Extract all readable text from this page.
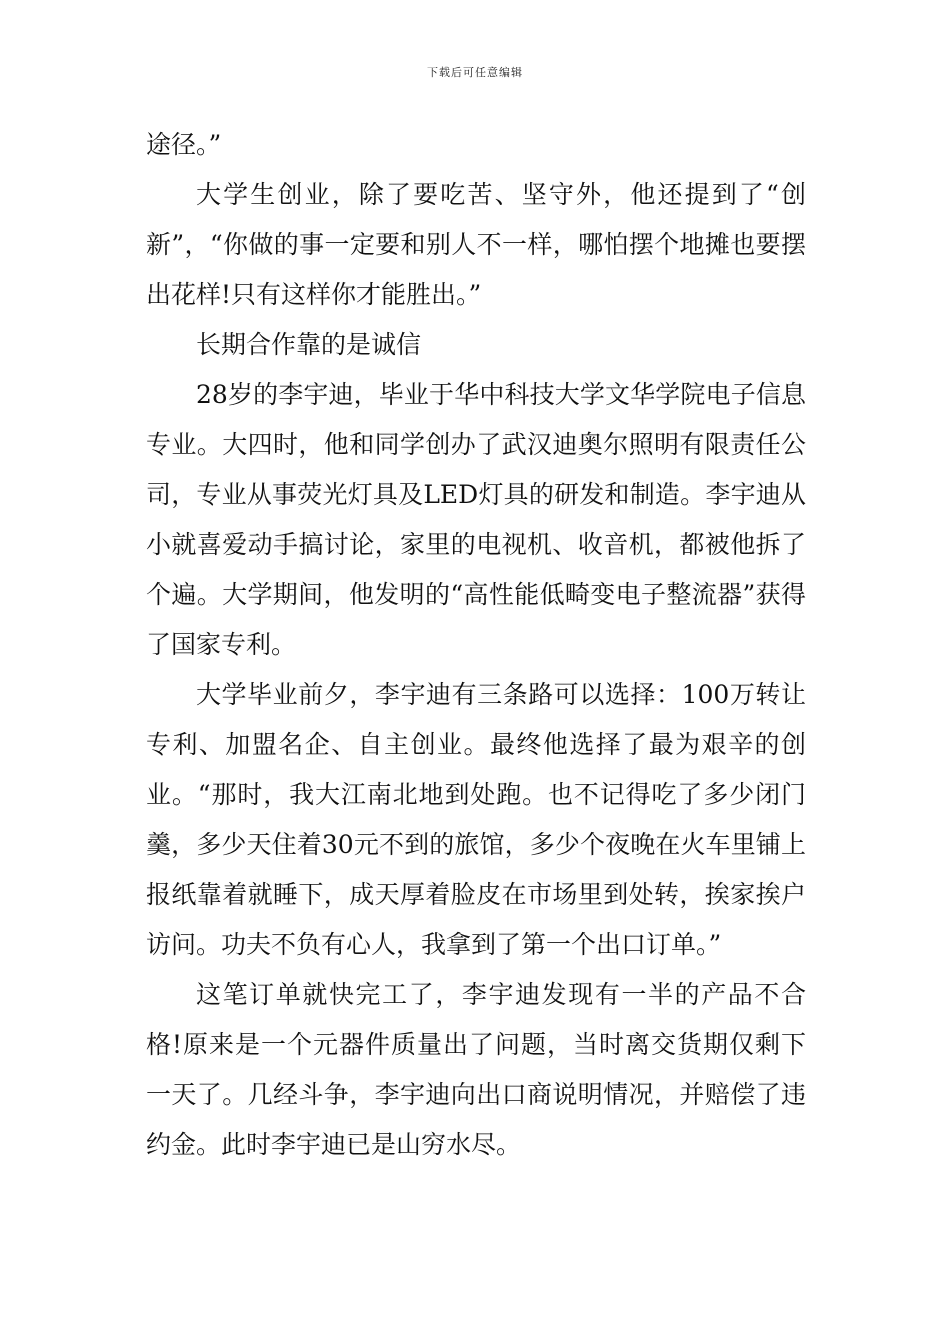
下载后可任意编辑

途径。”

大学生创业，除了要吃苦、坚守外，他还提到了“创新”，“你做的事一定要和别人不一样，哪怕摆个地摊也要摆出花样!只有这样你才能胜出。”

长期合作靠的是诚信

28岁的李宇迪，毕业于华中科技大学文华学院电子信息专业。大四时，他和同学创办了武汉迪奥尔照明有限责任公司，专业从事荧光灯具及LED灯具的研发和制造。李宇迪从小就喜爱动手搞讨论，家里的电视机、收音机，都被他拆了个遍。大学期间，他发明的“高性能低畸变电子整流器”获得了国家专利。

大学毕业前夕，李宇迪有三条路可以选择：100万转让专利、加盟名企、自主创业。最终他选择了最为艰辛的创业。“那时，我大江南北地到处跑。也不记得吃了多少闭门羹，多少天住着30元不到的旅馆，多少个夜晚在火车里铺上报纸靠着就睡下，成天厚着脸皮在市场里到处转，挨家挨户访问。功夫不负有心人，我拿到了第一个出口订单。”

这笔订单就快完工了，李宇迪发现有一半的产品不合格!原来是一个元器件质量出了问题，当时离交货期仅剩下一天了。几经斗争，李宇迪向出口商说明情况，并赔偿了违约金。此时李宇迪已是山穷水尽。
